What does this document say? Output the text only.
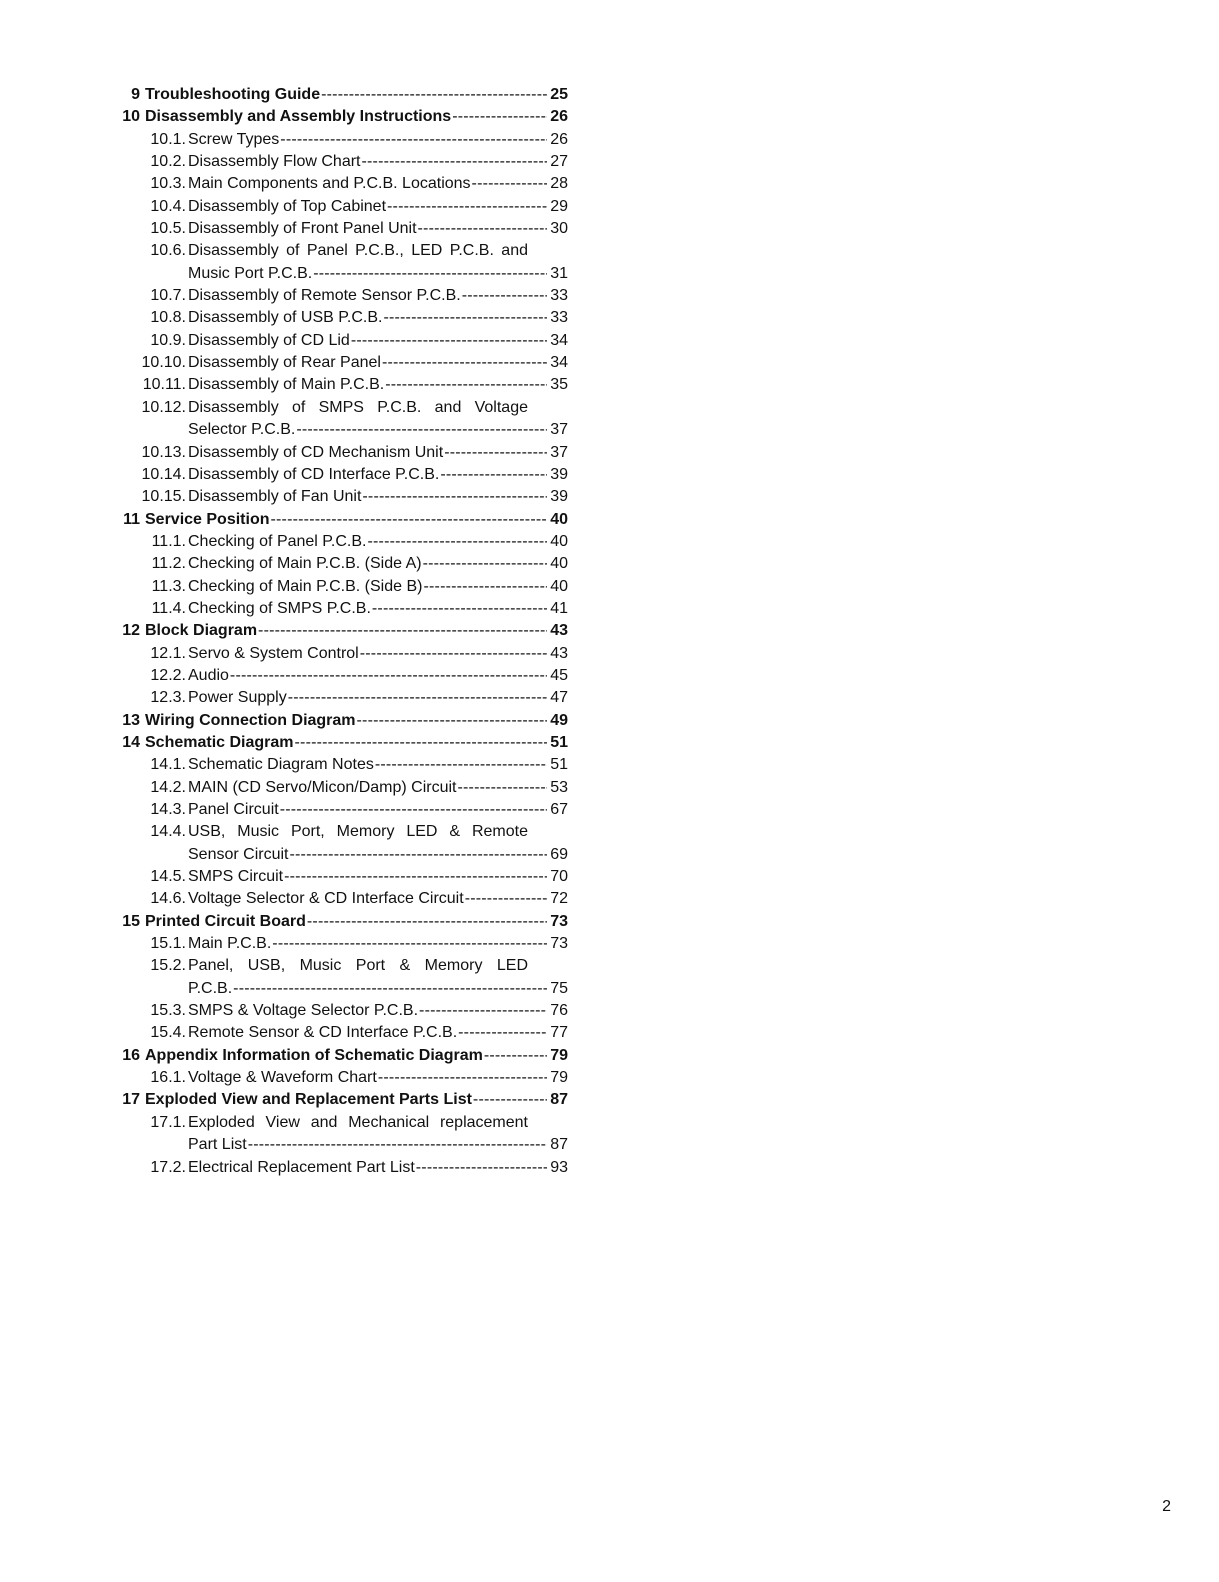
9 Troubleshooting Guide -----	25
10 Disassembly and Assembly Instructions -----	26
10.1. Screw Types -----	26
10.2. Disassembly Flow Chart -----	27
10.3. Main Components and P.C.B. Locations -----	28
10.4. Disassembly of Top Cabinet -----	29
10.5. Disassembly of Front Panel Unit -----	30
10.6. Disassembly of Panel P.C.B., LED P.C.B. and
Music Port P.C.B. -----	31
10.7. Disassembly of Remote Sensor P.C.B. -----	33
10.8. Disassembly of USB P.C.B. -----	33
10.9. Disassembly of CD Lid -----	34
10.10. Disassembly of Rear Panel -----	34
10.11. Disassembly of Main P.C.B. -----	35
10.12. Disassembly of SMPS P.C.B. and Voltage
Selector P.C.B. -----	37
10.13. Disassembly of CD Mechanism Unit -----	37
10.14. Disassembly of CD Interface P.C.B. -----	39
10.15. Disassembly of Fan Unit -----	39
11 Service Position -----	40
11.1. Checking of Panel P.C.B. -----	40
11.2. Checking of Main P.C.B. (Side A) -----	40
11.3. Checking of Main P.C.B. (Side B) -----	40
11.4. Checking of SMPS P.C.B. -----	41
12 Block Diagram -----	43
12.1. Servo & System Control -----	43
12.2. Audio -----	45
12.3. Power Supply -----	47
13 Wiring Connection Diagram -----	49
14 Schematic Diagram -----	51
14.1. Schematic Diagram Notes -----	51
14.2. MAIN (CD Servo/Micon/Damp) Circuit -----	53
14.3. Panel Circuit -----	67
14.4. USB, Music Port, Memory LED & Remote
Sensor Circuit -----	69
14.5. SMPS Circuit -----	70
14.6. Voltage Selector & CD Interface Circuit -----	72
15 Printed Circuit Board -----	73
15.1. Main P.C.B. -----	73
15.2. Panel, USB, Music Port & Memory LED
P.C.B. -----	75
15.3. SMPS & Voltage Selector P.C.B. -----	76
15.4. Remote Sensor & CD Interface P.C.B. -----	77
16 Appendix Information of Schematic Diagram -----	79
16.1. Voltage & Waveform Chart -----	79
17 Exploded View and Replacement Parts List -----	87
17.1. Exploded View and Mechanical replacement
Part List -----	87
17.2. Electrical Replacement Part List -----	93
2
